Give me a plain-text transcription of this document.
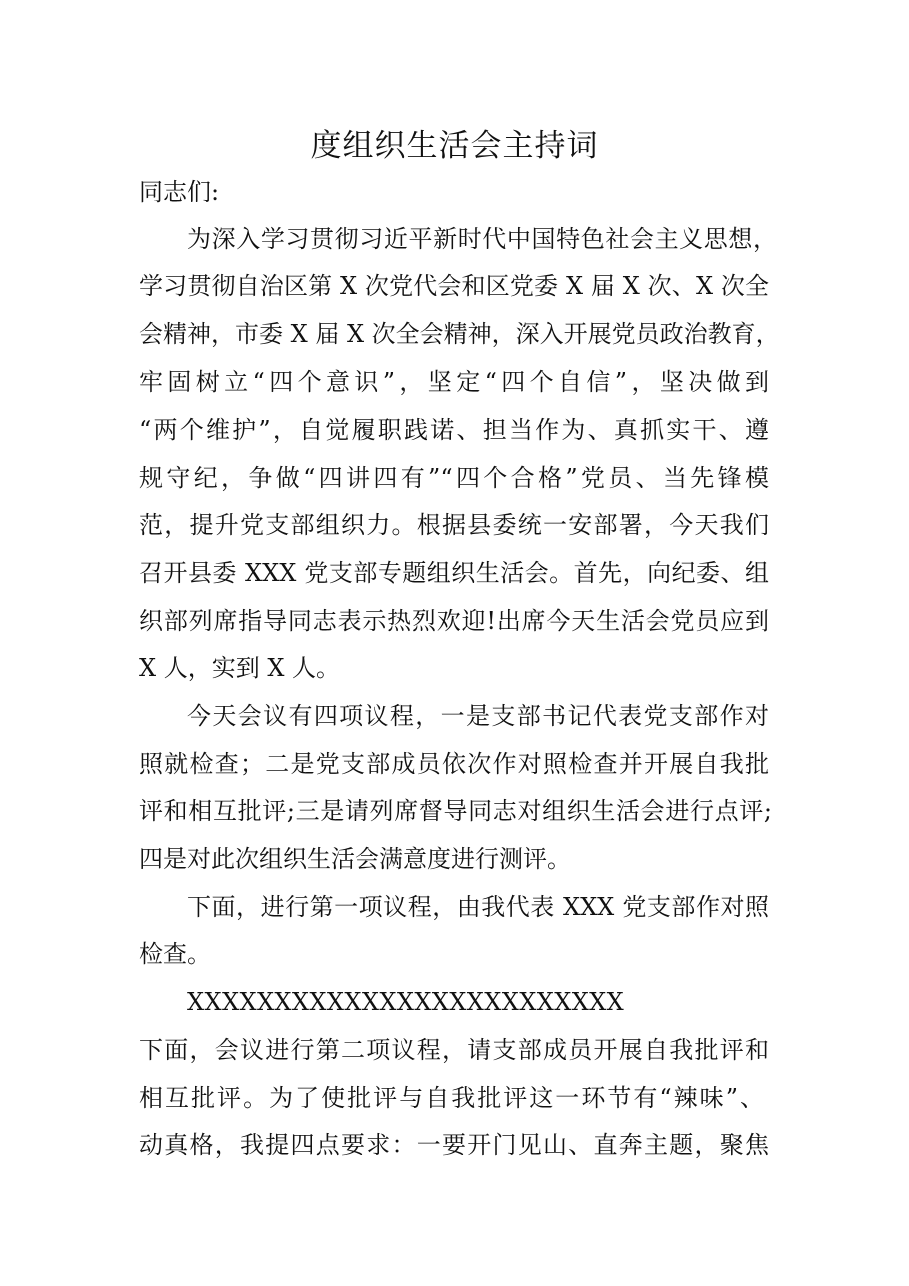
度组织生活会主持词

同志们:

为深入学习贯彻习近平新时代中国特色社会主义思想，

学习贯彻自治区第 X 次党代会和区党委 X 届 X 次、X 次全

会精神，市委 X 届 X 次全会精神，深入开展党员政治教育，

牢固树立“四个意识”，坚定“四个自信”，坚决做到

“两个维护”，自觉履职践诺、担当作为、真抓实干、遵

规守纪，争做“四讲四有”“四个合格”党员、当先锋模

范，提升党支部组织力。根据县委统一安部署，今天我们

召开县委 XXX 党支部专题组织生活会。首先，向纪委、组

织部列席指导同志表示热烈欢迎!出席今天生活会党员应到

X 人，实到 X 人。

今天会议有四项议程，一是支部书记代表党支部作对

照就检查；二是党支部成员依次作对照检查并开展自我批

评和相互批评;三是请列席督导同志对组织生活会进行点评;

四是对此次组织生活会满意度进行测评。

下面，进行第一项议程，由我代表 XXX 党支部作对照

检查。

XXXXXXXXXXXXXXXXXXXXXXXXX

下面，会议进行第二项议程，请支部成员开展自我批评和

相互批评。为了使批评与自我批评这一环节有“辣味”、

动真格，我提四点要求：一要开门见山、直奔主题，聚焦
